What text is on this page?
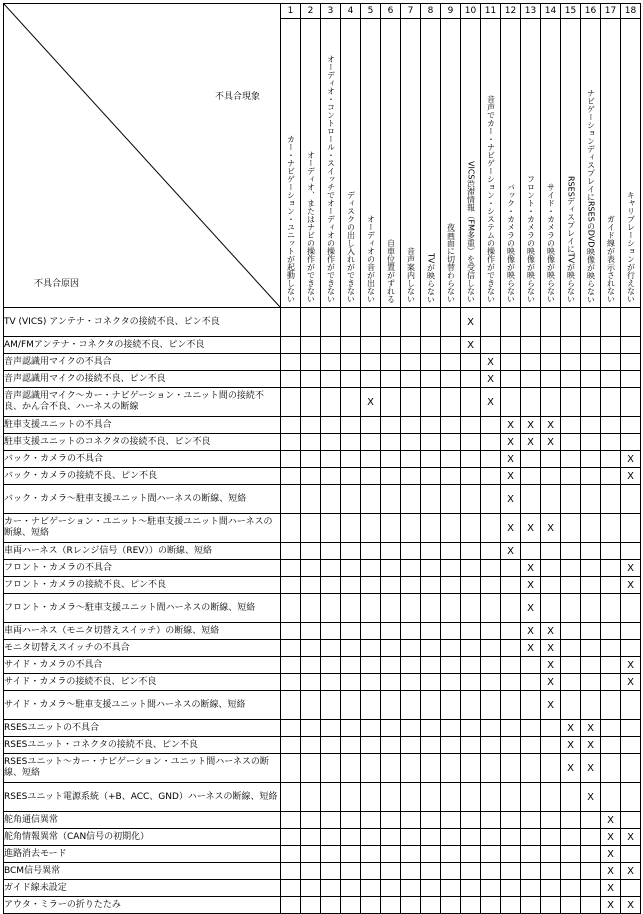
不具合現象
不具合原因	1	2	3	4	5	6	7	8	9	10	11	12	13	14	15	16	17	18

	カー・ナビゲーション・ユニットが起動しない	オーディオ、またはナビの操作ができない	オーディオ・コントロール・スイッチでオーディオの操作ができない	ディスクの出し入れができない	オーディオの音が出ない	自車位置がずれる	音声案内しない	TVが映らない	夜画面に切替わらない	VICS渋滞情報（FM多重）を受信しない	音声でカー・ナビゲーション・システムの操作ができない	バック・カメラの映像が映らない	フロント・カメラの映像が映らない	サイド・カメラの映像が映らない	RSESディスプレイにTVが映らない	ナビゲーションディスプレイにRSESのDVD映像が映らない	ガイド線が表示されない	キャリブレーションが行えない

TV (VICS) アンテナ・コネクタの接続不良、ピン不良										X								
AM/FMアンテナ・コネクタの接続不良、ピン不良										X								
音声認識用マイクの不具合											X							
音声認識用マイクの接続不良、ピン不良											X							
音声認識用マイク～カー・ナビゲーション・ユニット間の接続不良、かん合不良、ハーネスの断線					X						X							
駐車支援ユニットの不具合												X	X	X				
駐車支援ユニットのコネクタの接続不良、ピン不良												X	X	X				
バック・カメラの不具合												X						X
バック・カメラの接続不良、ピン不良												X						X
バック・カメラ～駐車支援ユニット間ハーネスの断線、短絡												X						
カー・ナビゲーション・ユニット～駐車支援ユニット間ハーネスの断線、短絡												X	X	X				
車両ハーネス（Rレンジ信号（REV））の断線、短絡												X						
フロント・カメラの不具合													X					X
フロント・カメラの接続不良、ピン不良													X					X
フロント・カメラ～駐車支援ユニット間ハーネスの断線、短絡													X					
車両ハーネス（モニタ切替えスイッチ）の断線、短絡													X	X				
モニタ切替えスイッチの不具合													X	X				
サイド・カメラの不具合														X				X
サイド・カメラの接続不良、ピン不良														X				X
サイド・カメラ～駐車支援ユニット間ハーネスの断線、短絡														X				
RSESユニットの不具合															X	X		
RSESユニット・コネクタの接続不良、ピン不良															X	X		
RSESユニット～カー・ナビゲーション・ユニット間ハーネスの断線、短絡															X	X		
RSESユニット電源系統（+B、ACC、GND）ハーネスの断線、短絡																X		
舵角通信異常																	X	
舵角情報異常（CAN信号の初期化）																	X	X
進路消去モード																	X	
BCM信号異常																	X	X
ガイド線未設定																	X	
アウタ・ミラーの折りたたみ																	X	X
